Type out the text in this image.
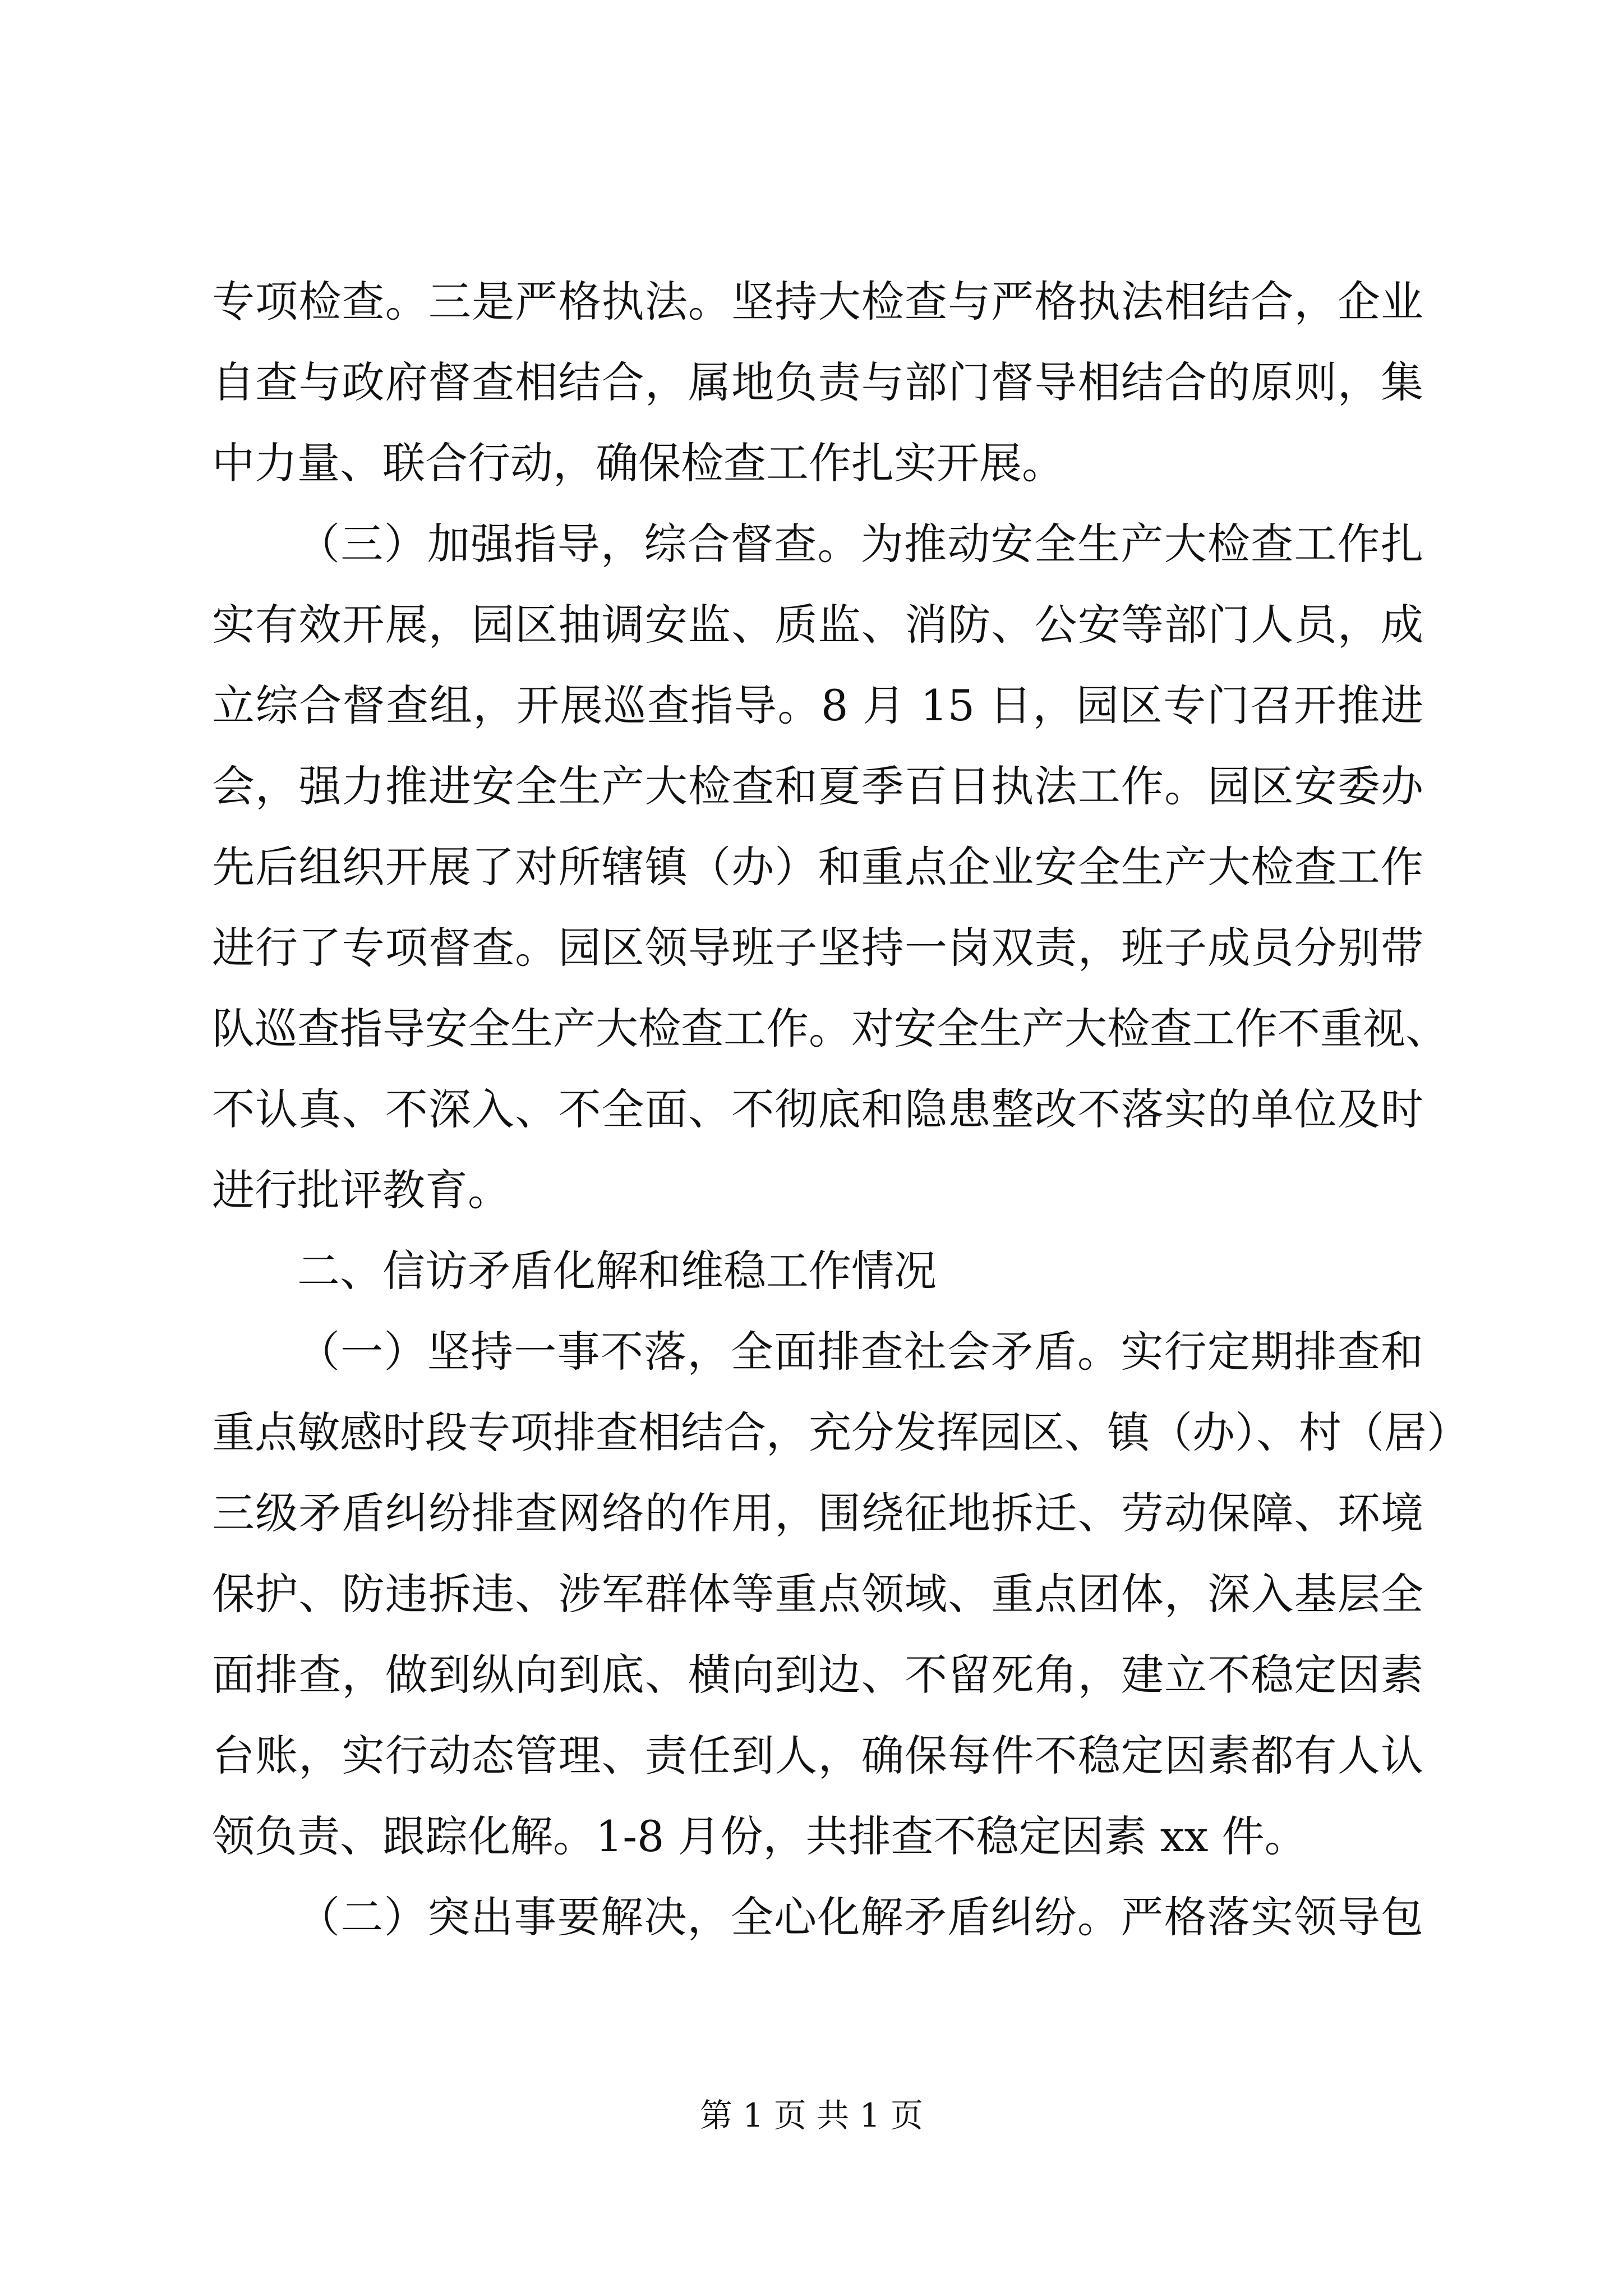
专项检查。三是严格执法。坚持大检查与严格执法相结合，企业
自查与政府督查相结合，属地负责与部门督导相结合的原则，集
中力量、联合行动，确保检查工作扎实开展。
（三）加强指导，综合督查。为推动安全生产大检查工作扎
实有效开展，园区抽调安监、质监、消防、公安等部门人员，成
立综合督查组，开展巡查指导。8 月 15 日，园区专门召开推进
会，强力推进安全生产大检查和夏季百日执法工作。园区安委办
先后组织开展了对所辖镇（办）和重点企业安全生产大检查工作
进行了专项督查。园区领导班子坚持一岗双责，班子成员分别带
队巡查指导安全生产大检查工作。对安全生产大检查工作不重视、
不认真、不深入、不全面、不彻底和隐患整改不落实的单位及时
进行批评教育。
二、信访矛盾化解和维稳工作情况
（一）坚持一事不落，全面排查社会矛盾。实行定期排查和
重点敏感时段专项排查相结合，充分发挥园区、镇（办）、村（居）
三级矛盾纠纷排查网络的作用，围绕征地拆迁、劳动保障、环境
保护、防违拆违、涉军群体等重点领域、重点团体，深入基层全
面排查，做到纵向到底、横向到边、不留死角，建立不稳定因素
台账，实行动态管理、责任到人，确保每件不稳定因素都有人认
领负责、跟踪化解。1-8 月份，共排查不稳定因素 xx 件。
（二）突出事要解决，全心化解矛盾纠纷。严格落实领导包
第 1 页 共 1 页
